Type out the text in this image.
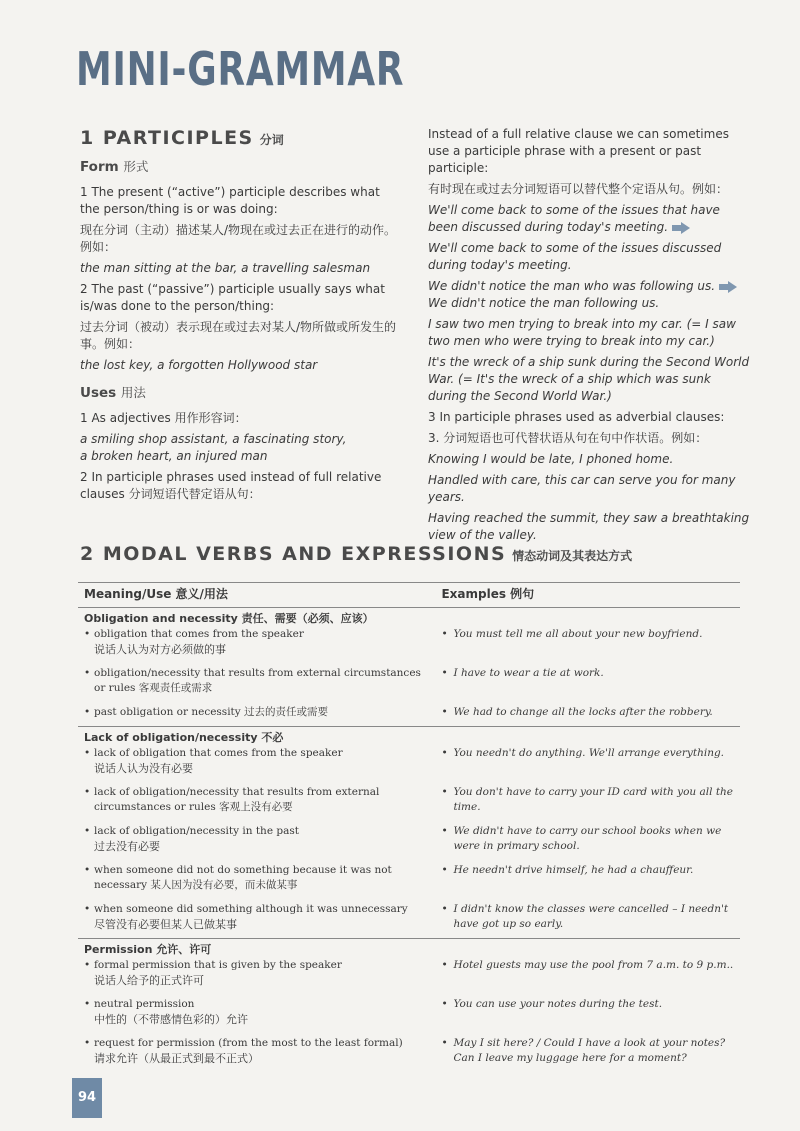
MINI-GRAMMAR
1 PARTICIPLES 分词
Form 形式

1 The present (“active”) participle describes what the person/thing is or was doing:

现在分词（主动）描述某人/物现在或过去正在进行的动作。例如：

the man sitting at the bar, a travelling salesman

2 The past (“passive”) participle usually says what is/was done to the person/thing:

过去分词（被动）表示现在或过去对某人/物所做或所发生的事。例如：

the lost key, a forgotten Hollywood star

Uses 用法

1 As adjectives 用作形容词：

a smiling shop assistant, a fascinating story,

a broken heart, an injured man

2 In participle phrases used instead of full relative clauses 分词短语代替定语从句：

Instead of a full relative clause we can sometimes use a participle phrase with a present or past participle:

有时现在或过去分词短语可以替代整个定语从句。例如：

We'll come back to some of the issues that have been discussed during today's meeting.

We'll come back to some of the issues discussed during today's meeting.

We didn't notice the man who was following us.

We didn't notice the man following us.

I saw two men trying to break into my car. (= I saw two men who were trying to break into my car.)

It's the wreck of a ship sunk during the Second World War. (= It's the wreck of a ship which was sunk during the Second World War.)

3 In participle phrases used as adverbial clauses:

3. 分词短语也可代替状语从句在句中作状语。例如：

Knowing I would be late, I phoned home.

Handled with care, this car can serve you for many years.

Having reached the summit, they saw a breathtaking view of the valley.

2 MODAL VERBS AND EXPRESSIONS 情态动词及其表达方式
Meaning/Use 意义/用法	Examples 例句

Obligation and necessity 责任、需要（必须、应该）
• obligation that comes from the speaker
说话人认为对方必须做的事	• You must tell me all about your new boyfriend.

• obligation/necessity that results from external circumstances or rules 客观责任或需求	• I have to wear a tie at work.

• past obligation or necessity 过去的责任或需要	• We had to change all the locks after the robbery.

Lack of obligation/necessity 不必
• lack of obligation that comes from the speaker
说话人认为没有必要	• You needn't do anything. We'll arrange everything.

• lack of obligation/necessity that results from external circumstances or rules 客观上没有必要	• You don't have to carry your ID card with you all the time.

• lack of obligation/necessity in the past
过去没有必要	• We didn't have to carry our school books when we were in primary school.

• when someone did not do something because it was not necessary 某人因为没有必要，而未做某事	• He needn't drive himself, he had a chauffeur.

• when someone did something although it was unnecessary
尽管没有必要但某人已做某事	• I didn't know the classes were cancelled – I needn't have got up so early.

Permission 允许、许可
• formal permission that is given by the speaker
说话人给予的正式许可	• Hotel guests may use the pool from 7 a.m. to 9 p.m..

• neutral permission
中性的（不带感情色彩的）允许	• You can use your notes during the test.

• request for permission (from the most to the least formal)
请求允许（从最正式到最不正式）	• May I sit here? / Could I have a look at your notes? Can I leave my luggage here for a moment?
94
